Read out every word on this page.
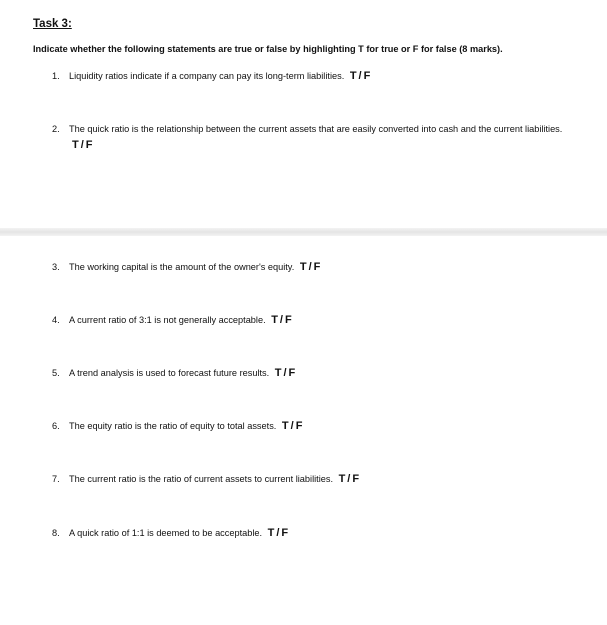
Task 3:

Indicate whether the following statements are true or false by highlighting T for true or F for false (8 marks).

1.	Liquidity ratios indicate if a company can pay its long-term liabilities. T / F
2.	The quick ratio is the relationship between the current assets that are easily converted into cash and the current liabilities. T / F
3.	The working capital is the amount of the owner's equity. T / F
4.	A current ratio of 3:1 is not generally acceptable. T / F
5.	A trend analysis is used to forecast future results. T / F
6.	The equity ratio is the ratio of equity to total assets. T / F
7.	The current ratio is the ratio of current assets to current liabilities. T / F
8.	A quick ratio of 1:1 is deemed to be acceptable. T / F
